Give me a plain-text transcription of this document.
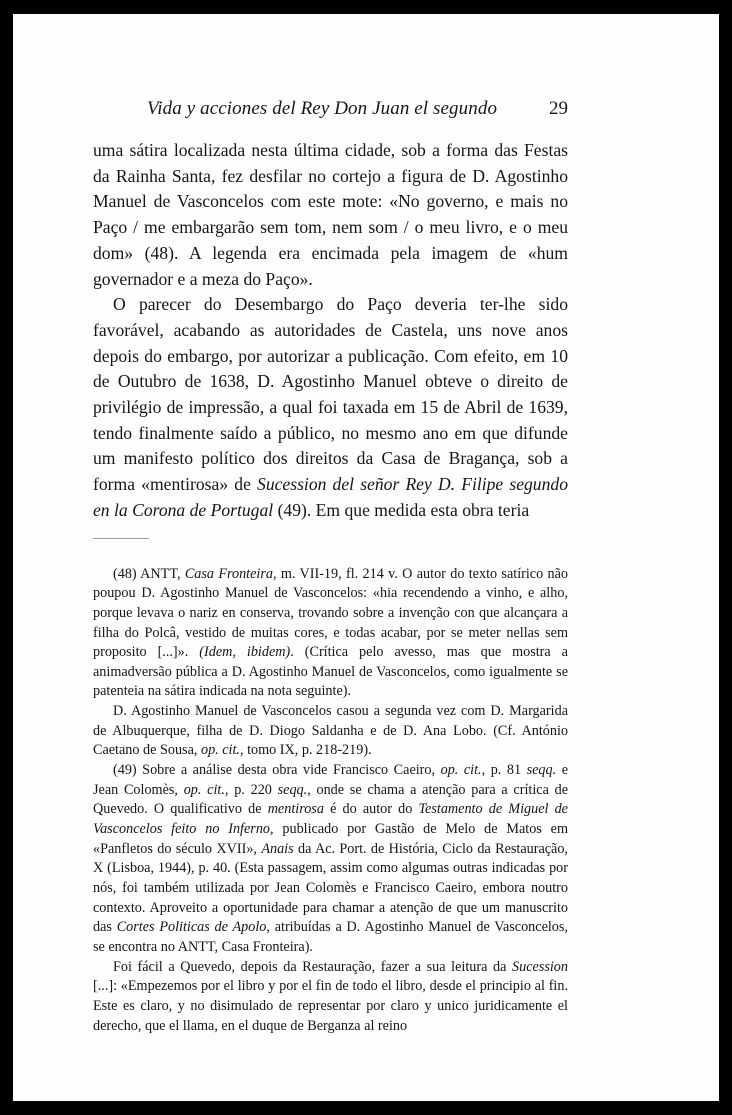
Vida y acciones del Rey Don Juan el segundo	29

uma sátira localizada nesta última cidade, sob a forma das Festas da Rainha Santa, fez desfilar no cortejo a figura de D. Agostinho Manuel de Vasconcelos com este mote: «No governo, e mais no Paço / me embargarão sem tom, nem som / o meu livro, e o meu dom» (48). A legenda era encimada pela imagem de «hum governador e a meza do Paço».

O parecer do Desembargo do Paço deveria ter-lhe sido favorável, acabando as autoridades de Castela, uns nove anos depois do embargo, por autorizar a publicação. Com efeito, em 10 de Outubro de 1638, D. Agostinho Manuel obteve o direito de privilégio de impressão, a qual foi taxada em 15 de Abril de 1639, tendo finalmente saído a público, no mesmo ano em que difunde um manifesto político dos direitos da Casa de Bragança, sob a forma «mentirosa» de Sucession del señor Rey D. Filipe segundo en la Corona de Portugal (49). Em que medida esta obra teria

(48) ANTT, Casa Fronteira, m. VII-19, fl. 214 v. O autor do texto satírico não poupou D. Agostinho Manuel de Vasconcelos: «hia recendendo a vinho, e alho, porque levava o nariz en conserva, trovando sobre a invenção con que alcançara a filha do Polcâ, vestido de muitas cores, e todas acabar, por se meter nellas sem proposito [...]». (Idem, ibidem). (Crítica pelo avesso, mas que mostra a animadversão pública a D. Agostinho Manuel de Vasconcelos, como igualmente se patenteia na sátira indicada na nota seguinte).

D. Agostinho Manuel de Vasconcelos casou a segunda vez com D. Margarida de Albuquerque, filha de D. Diogo Saldanha e de D. Ana Lobo. (Cf. António Caetano de Sousa, op. cit., tomo IX, p. 218-219).

(49) Sobre a análise desta obra vide Francisco Caeiro, op. cit., p. 81 seqq. e Jean Colomès, op. cit., p. 220 seqq., onde se chama a atenção para a crítica de Quevedo. O qualificativo de mentirosa é do autor do Testamento de Miguel de Vasconcelos feito no Inferno, publicado por Gastão de Melo de Matos em «Panfletos do século XVII», Anais da Ac. Port. de História, Ciclo da Restauração, X (Lisboa, 1944), p. 40. (Esta passagem, assim como algumas outras indicadas por nós, foi também utilizada por Jean Colomès e Francisco Caeiro, embora noutro contexto. Aproveito a oportunidade para chamar a atenção de que um manuscrito das Cortes Politicas de Apolo, atribuídas a D. Agostinho Manuel de Vasconcelos, se encontra no ANTT, Casa Fronteira).

Foi fácil a Quevedo, depois da Restauração, fazer a sua leitura da Sucession [...]: «Empezemos por el libro y por el fin de todo el libro, desde el principio al fin. Este es claro, y no disimulado de representar por claro y unico juridicamente el derecho, que el llama, en el duque de Berganza al reino
